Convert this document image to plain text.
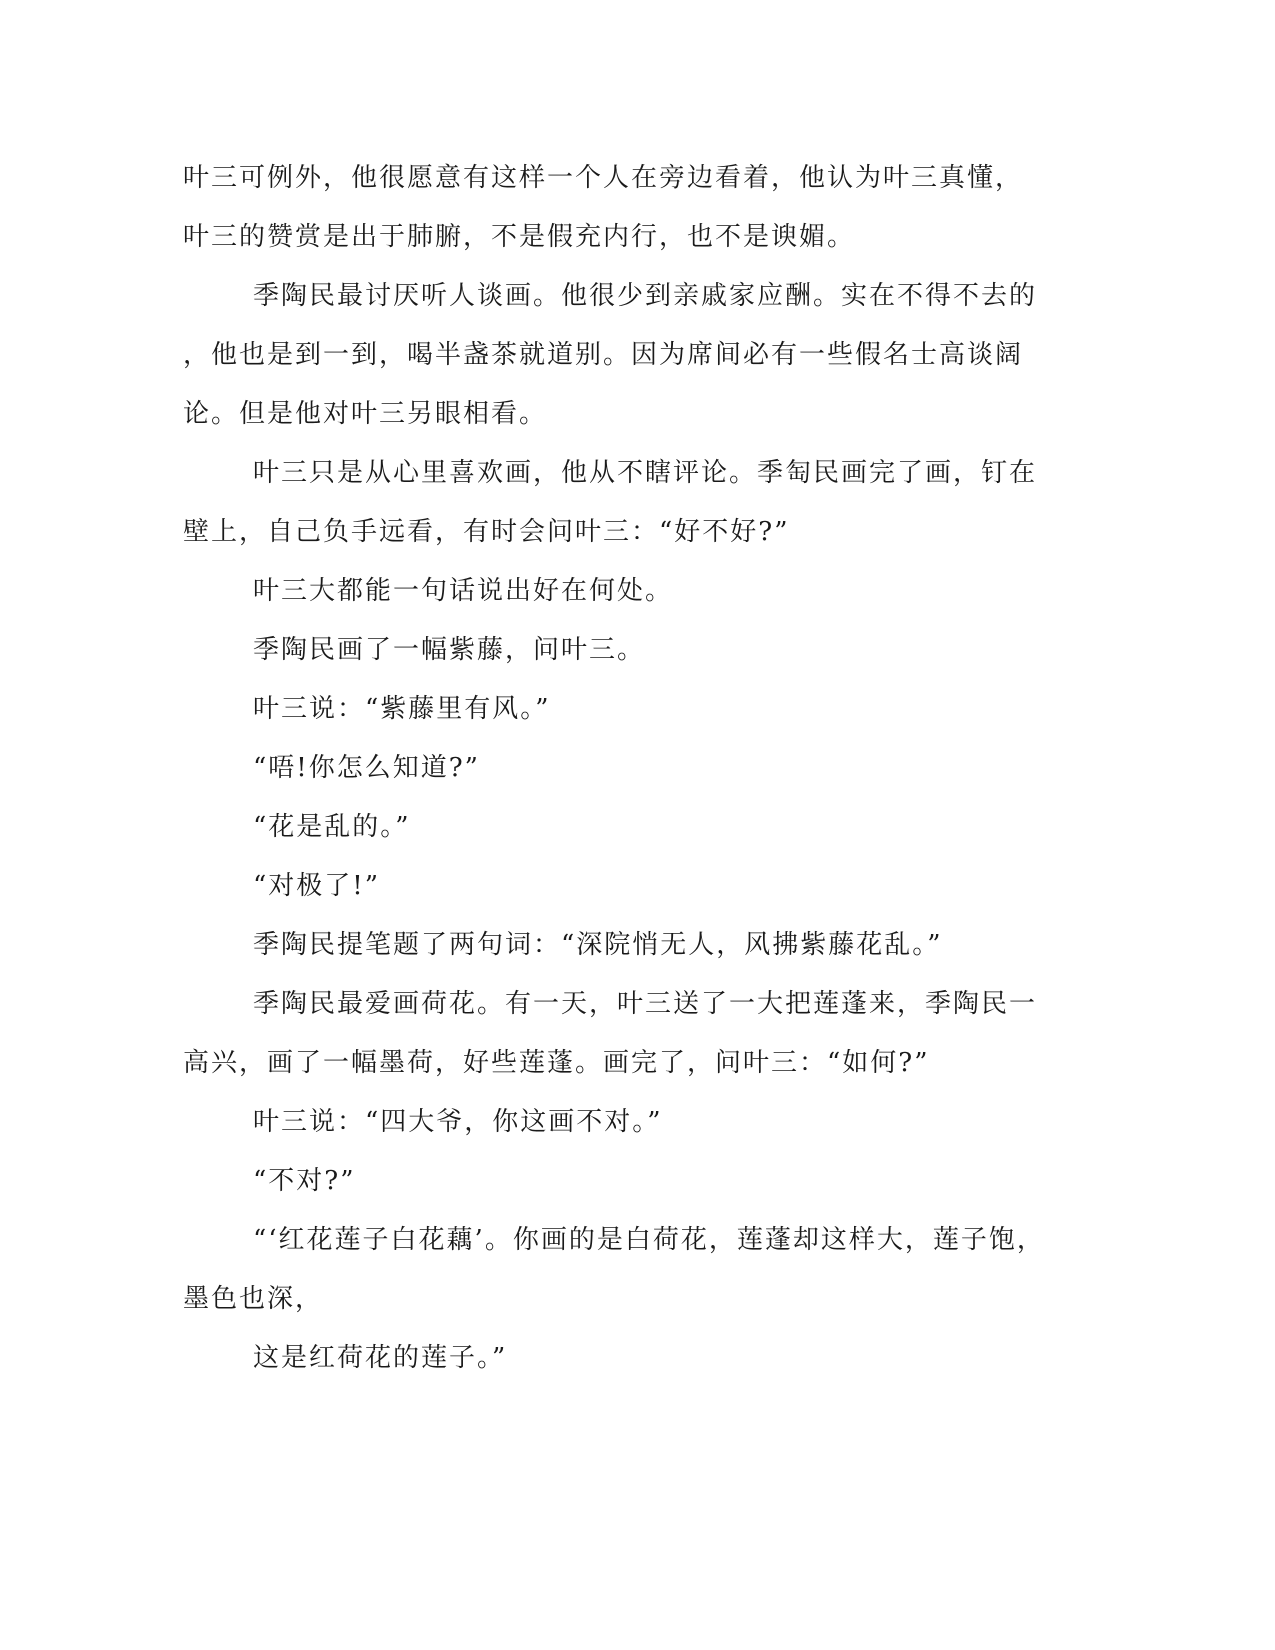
叶三可例外，他很愿意有这样一个人在旁边看着，他认为叶三真懂，
叶三的赞赏是出于肺腑，不是假充内行，也不是谀媚。
季陶民最讨厌听人谈画。他很少到亲戚家应酬。实在不得不去的
，他也是到一到，喝半盏茶就道别。因为席间必有一些假名士高谈阔
论。但是他对叶三另眼相看。
叶三只是从心里喜欢画，他从不瞎评论。季匋民画完了画，钉在
壁上，自己负手远看，有时会问叶三：“好不好?”
叶三大都能一句话说出好在何处。
季陶民画了一幅紫藤，问叶三。
叶三说：“紫藤里有风。”
“唔!你怎么知道?”
“花是乱的。”
“对极了!”
季陶民提笔题了两句词：“深院悄无人，风拂紫藤花乱。”
季陶民最爱画荷花。有一天，叶三送了一大把莲蓬来，季陶民一
高兴，画了一幅墨荷，好些莲蓬。画完了，问叶三：“如何?”
叶三说：“四大爷，你这画不对。”
“不对?”
“‘红花莲子白花藕’。你画的是白荷花，莲蓬却这样大，莲子饱，
墨色也深，
这是红荷花的莲子。”
